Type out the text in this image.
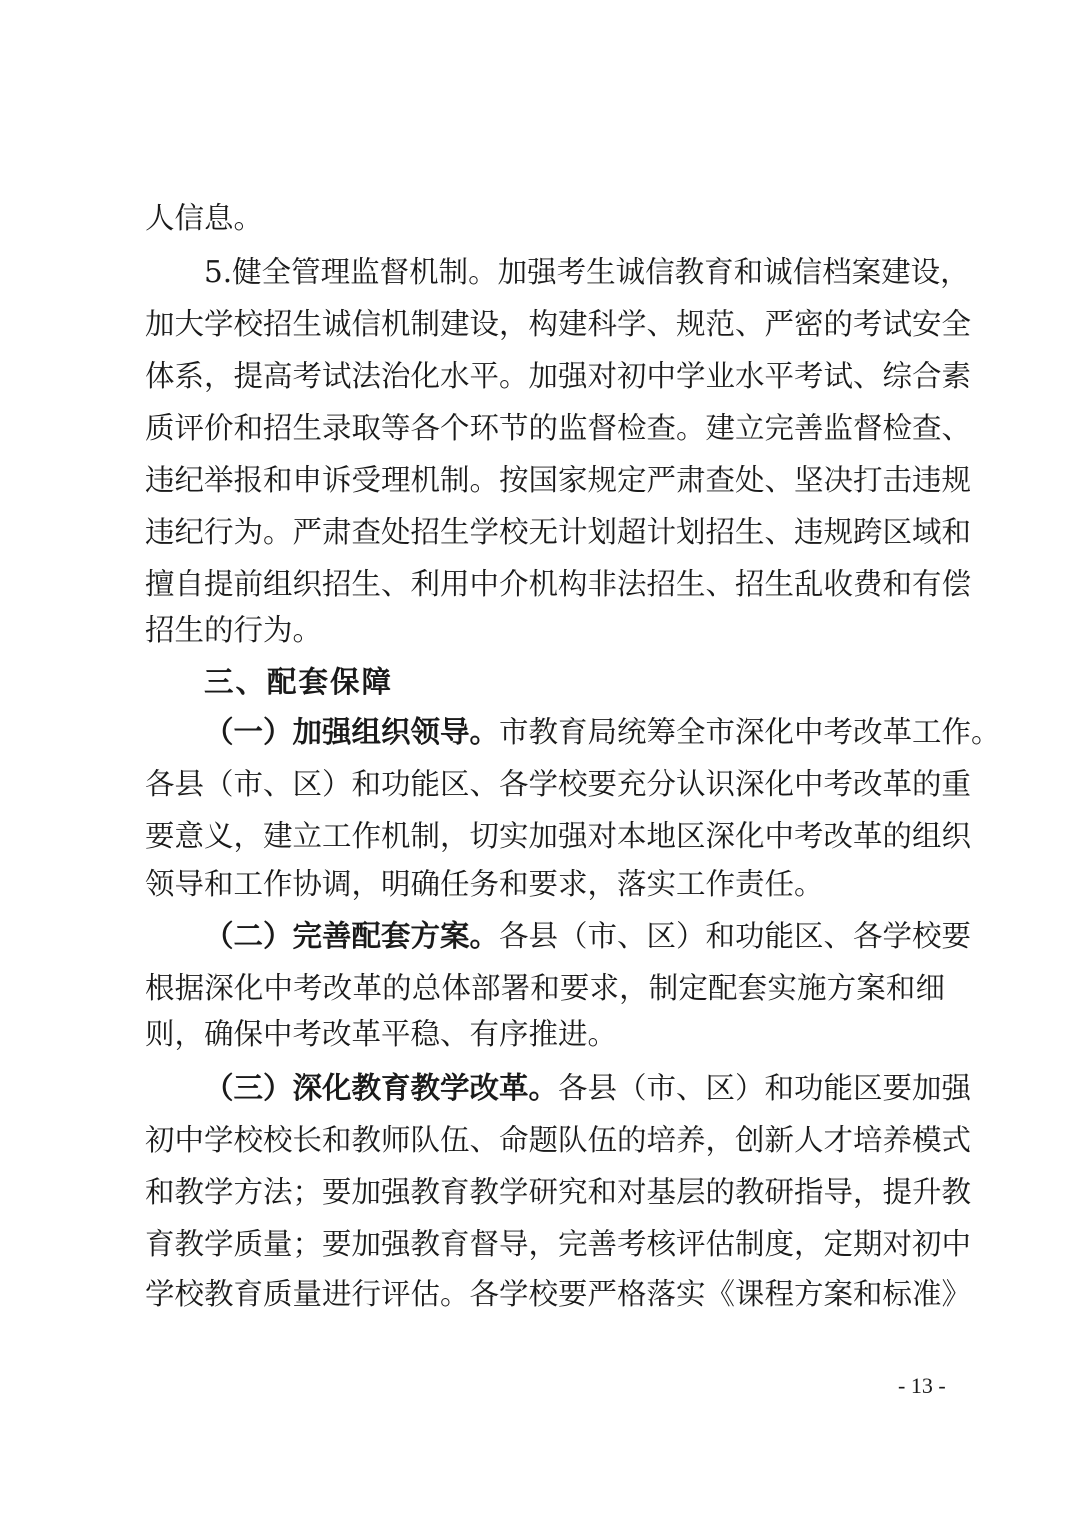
人信息。
5.健全管理监督机制。加强考生诚信教育和诚信档案建设，
加大学校招生诚信机制建设，构建科学、规范、严密的考试安全
体系，提高考试法治化水平。加强对初中学业水平考试、综合素
质评价和招生录取等各个环节的监督检查。建立完善监督检查、
违纪举报和申诉受理机制。按国家规定严肃查处、坚决打击违规
违纪行为。严肃查处招生学校无计划超计划招生、违规跨区域和
擅自提前组织招生、利用中介机构非法招生、招生乱收费和有偿
招生的行为。
三、配套保障
（一）加强组织领导。市教育局统筹全市深化中考改革工作。
各县（市、区）和功能区、各学校要充分认识深化中考改革的重
要意义，建立工作机制，切实加强对本地区深化中考改革的组织
领导和工作协调，明确任务和要求，落实工作责任。
（二）完善配套方案。各县（市、区）和功能区、各学校要
根据深化中考改革的总体部署和要求，制定配套实施方案和细
则，确保中考改革平稳、有序推进。
（三）深化教育教学改革。各县（市、区）和功能区要加强
初中学校校长和教师队伍、命题队伍的培养，创新人才培养模式
和教学方法；要加强教育教学研究和对基层的教研指导，提升教
育教学质量；要加强教育督导，完善考核评估制度，定期对初中
学校教育质量进行评估。各学校要严格落实《课程方案和标准》
- 13 -
